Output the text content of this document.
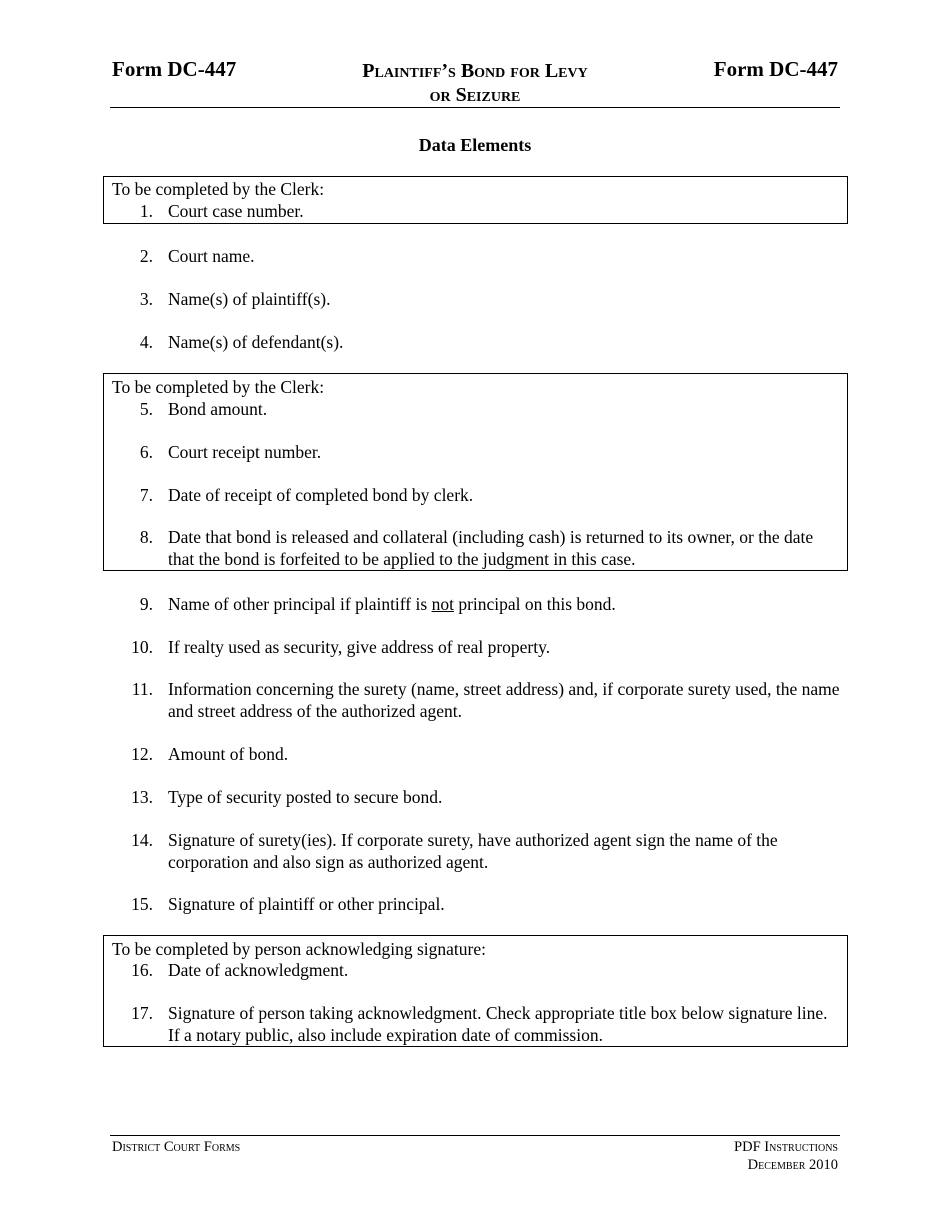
Form DC-447	Plaintiff’s Bond for Levy
or Seizure
Form DC-447
Data Elements
To be completed by the Clerk:
1. Court case number.
2. Court name.
3. Name(s) of plaintiff(s).
4. Name(s) of defendant(s).
To be completed by the Clerk:
5. Bond amount.
6. Court receipt number.
7. Date of receipt of completed bond by clerk.
8. Date that bond is released and collateral (including cash) is returned to its owner, or the date that the bond is forfeited to be applied to the judgment in this case.
9. Name of other principal if plaintiff is not principal on this bond.
10. If realty used as security, give address of real property.
11. Information concerning the surety (name, street address) and, if corporate surety used, the name and street address of the authorized agent.
12. Amount of bond.
13. Type of security posted to secure bond.
14. Signature of surety(ies). If corporate surety, have authorized agent sign the name of the corporation and also sign as authorized agent.
15. Signature of plaintiff or other principal.
To be completed by person acknowledging signature:
16. Date of acknowledgment.
17. Signature of person taking acknowledgment. Check appropriate title box below signature line. If a notary public, also include expiration date of commission.
District Court Forms	PDF Instructions
December 2010
